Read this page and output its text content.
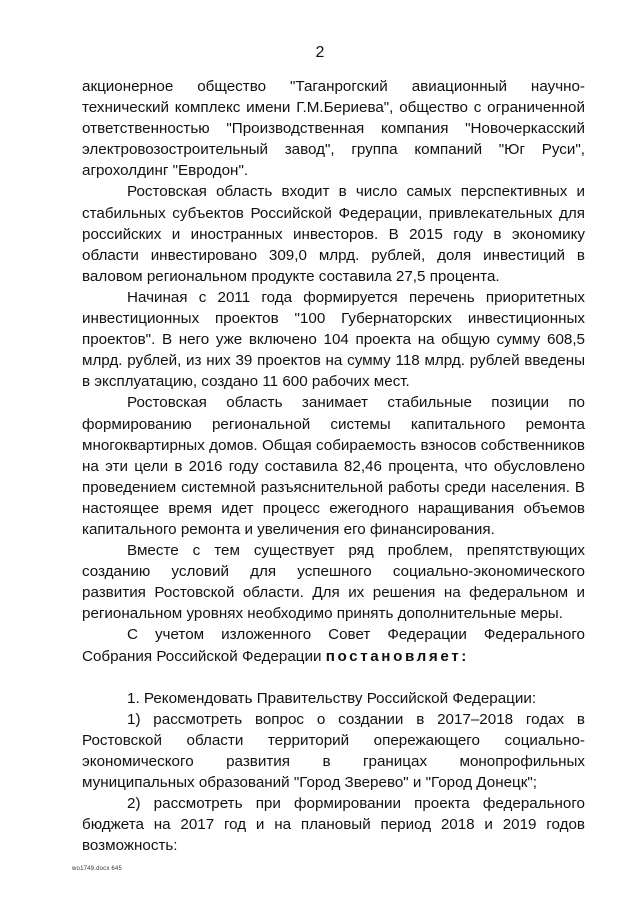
2

акционерное общество "Таганрогский авиационный научно-технический комплекс имени Г.М.Бериева", общество с ограниченной ответственностью "Производственная компания "Новочеркасский электровозостроительный завод", группа компаний "Юг Руси", агрохолдинг "Евродон".

Ростовская область входит в число самых перспективных и стабильных субъектов Российской Федерации, привлекательных для российских и иностранных инвесторов. В 2015 году в экономику области инвестировано 309,0 млрд. рублей, доля инвестиций в валовом региональном продукте составила 27,5 процента.

Начиная с 2011 года формируется перечень приоритетных инвестиционных проектов "100 Губернаторских инвестиционных проектов". В него уже включено 104 проекта на общую сумму 608,5 млрд. рублей, из них 39 проектов на сумму 118 млрд. рублей введены в эксплуатацию, создано 11 600 рабочих мест.

Ростовская область занимает стабильные позиции по формированию региональной системы капитального ремонта многоквартирных домов. Общая собираемость взносов собственников на эти цели в 2016 году составила 82,46 процента, что обусловлено проведением системной разъяснительной работы среди населения. В настоящее время идет процесс ежегодного наращивания объемов капитального ремонта и увеличения его финансирования.

Вместе с тем существует ряд проблем, препятствующих созданию условий для успешного социально-экономического развития Ростовской области. Для их решения на федеральном и региональном уровнях необходимо принять дополнительные меры.

С учетом изложенного Совет Федерации Федерального Собрания Российской Федерации постановляет:

1. Рекомендовать Правительству Российской Федерации:

1) рассмотреть вопрос о создании в 2017–2018 годах в Ростовской области территорий опережающего социально-экономического развития в границах монопрофильных муниципальных образований "Город Зверево" и "Город Донецк";

2) рассмотреть при формировании проекта федерального бюджета на 2017 год и на плановый период 2018 и 2019 годов возможность:

wo1749.docx 645
